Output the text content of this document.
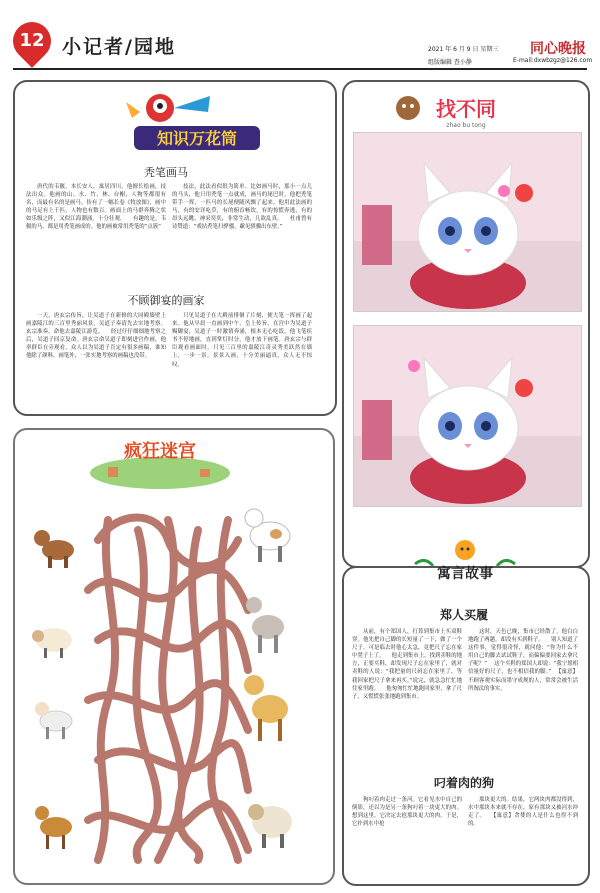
12 小记者/园地	2021 年 6 月 9 日 星期三
组版编辑 查小静
同心晚报
E-mail:dxwbzgz@126.com
知识万花筒
秃笔画马
唐代的韦偃，本长安人，寓居四川。他擅长绘画，技法出众。他画的山、水、竹、林、台榭，人物等都很有名，而最有名的是画马。传有了一幅长卷《牧放图》，画中的马足有上千匹，人物也有数百。画面上的马群奔腾之状如乐级之阵，又似江海潮涌，十分壮观。 　有趣的是，韦偃的马，都是用秃笔画成的。他的画被常用秃笔的“点簇”
技法，此法看似很为简单。比如画马时，那小一点儿的马头，他只用秃笔一点就成，画马的尾巴时，他把秃笔带手一挥，一匹马的长尾便随风飘了起来。他用此法画的马，有的安详吃草，有的俯首畅饮，有的惊慌奔逃，有的昂头远眺、神采奕奕，非常生动，几欲乱真。 　杜甫曾有诗赞道：“戏拈秃笔扫骅骝，歘见骐骥出东壁。”
不顾御宴的画家
一天，唐玄宗传旨，让吴道子在新修的大同殿墙壁上画嘉陵江的三百里秀丽风景，吴道子奏请先去实地考察。玄宗准奏，命他去嘉陵江游览。 　经过仔仔细细地考察之后，吴道子回京复命。唐玄宗命吴道子即刻进宫作画，他率群臣在旁观看，众人以为吴道子肯定有很多画稿，谁知他除了颜料、画笔外，一张实地考察的画稿也没带。
只见吴道子在大殿前徘徊了片刻，便大笔一挥画了起来。他从早晨一直画到中午，皇上传旨，在宫中为吴道子赐御宴，吴道子一时激情奔涌，根本无心吃饭，他飞笔疾书不停地画，直到掌灯时分，他才放下画笔。唐玄宗与群臣观看画面时，只见三百里的嘉陵江奇灵秀美跃然在墙上，一步一景，景景入画，十分美丽逼真，众人无不惊叹。
找不同
zhao bu tong
疯狂迷宫
寓言故事
郑人买履
从前，有个郑国人，打算到集市上买双鞋穿。他先把自己脚的长短量了一下，做了一个尺子。可是临去时他心太急，竟把尺子忘在家中凳子上了。 　他走到集市上，找到卖鞋的地方，正要买鞋，却发现尺子忘在家里了，就对卖鞋的人说：“我把量的尺码忘在家里了，等我回家把尺子拿来再买。”说完，就急急忙忙地往家里跑。 　他匆匆忙忙地跑回家里，拿了尺子，又慌慌张张地跑到集市。
这时，天色已晚，集市已经散了。他白白地跑了两趟，却没有买到鞋子。 　别人知道了这件事，觉得很奇怪，就问他：“你为什么不用自己的脚去试试鞋子，而偏偏要回家去拿尺子呢？” 　这个买鞋的郑国人却说：“我宁愿相信量好的尺子，也不相信我的脚。” 　【寓意】不顾客观实际而墨守成规的人，常常会被生活所淘汰的事实。
叼着肉的狗
狗叼着肉走过一条河。它看见水中自己的倒影，还以为是另一条狗叼着一块更大的肉。想到这里，它决定去抢那块更大的肉。于是，它扑到水中抢
那块更大的。结果，它两块肉都没得到，水中那块本来就不存在，原有那块又被河水冲走了。 　【寓意】贪婪的人是什么也得不到的。
